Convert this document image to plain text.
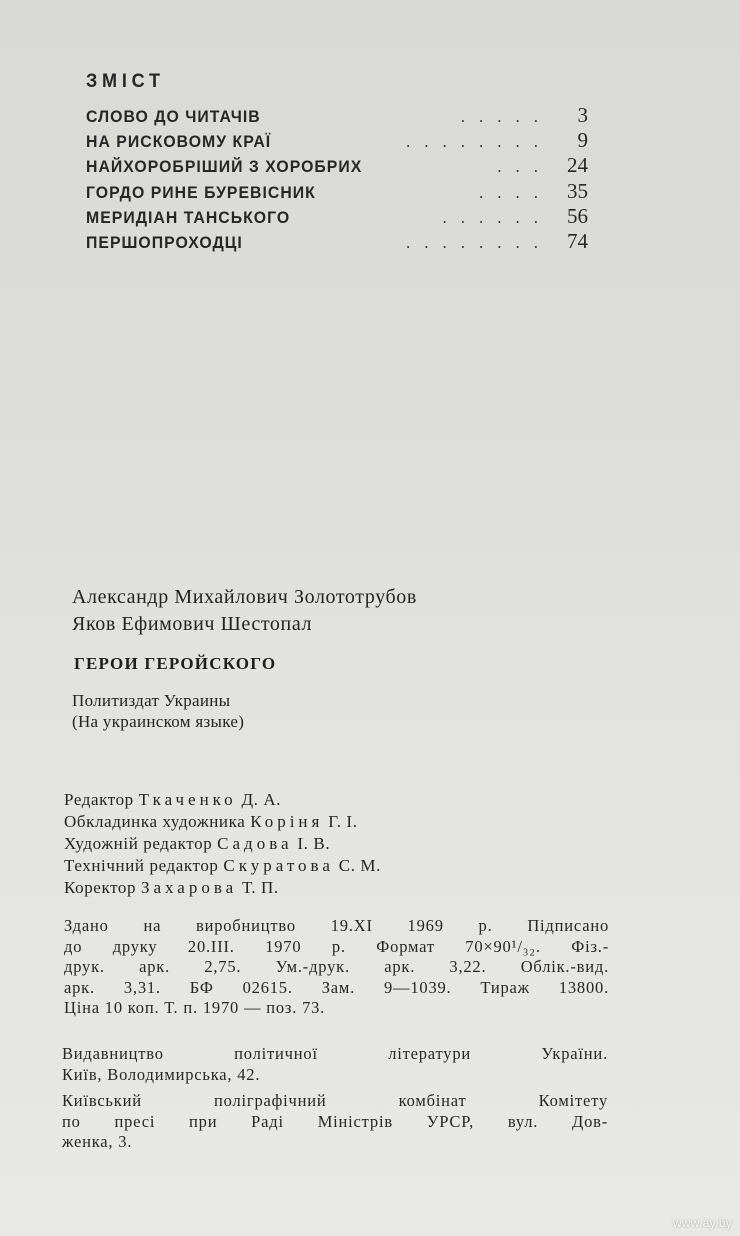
ЗМІСТ
СЛОВО ДО ЧИТАЧІВ	.....	3
НА РИСКОВОМУ КРАЇ	........	9
НАЙХОРОБРІШИЙ З ХОРОБРИХ	... 24
ГОРДО РИНЕ БУРЕВІСНИК	.... 35
МЕРИДІАН ТАНСЬКОГО	...... 56
ПЕРШОПРОХОДЦІ	........ 74
Александр Михайлович Золототрубов
Яков Ефимович Шестопал
ГЕРОИ ГЕРОЙСКОГО
Политиздат Украины
(На украинском языке)
Редактор Ткаченко Д. А.
Обкладинка художника Коріня Г. І.
Художній редактор Садова І. В.
Технічний редактор Скуратова С. М.
Коректор Захарова Т. П.
Здано на виробництво 19.ХІ 1969 р. Підписано
до друку 20.ІІІ. 1970 р. Формат 70×90¹/₃₂. Фіз.-
друк. арк. 2,75. Ум.-друк. арк. 3,22. Облік.-вид.
арк. 3,31. БФ 02615. Зам. 9—1039. Тираж 13800.
Ціна 10 коп. Т. п. 1970 — поз. 73.
Видавництво політичної літератури України.
Київ, Володимирська, 42.
Київський поліграфічний комбінат Комітету
по пресі при Раді Міністрів УРСР, вул. Дов-
женка, 3.
www.ay.by
